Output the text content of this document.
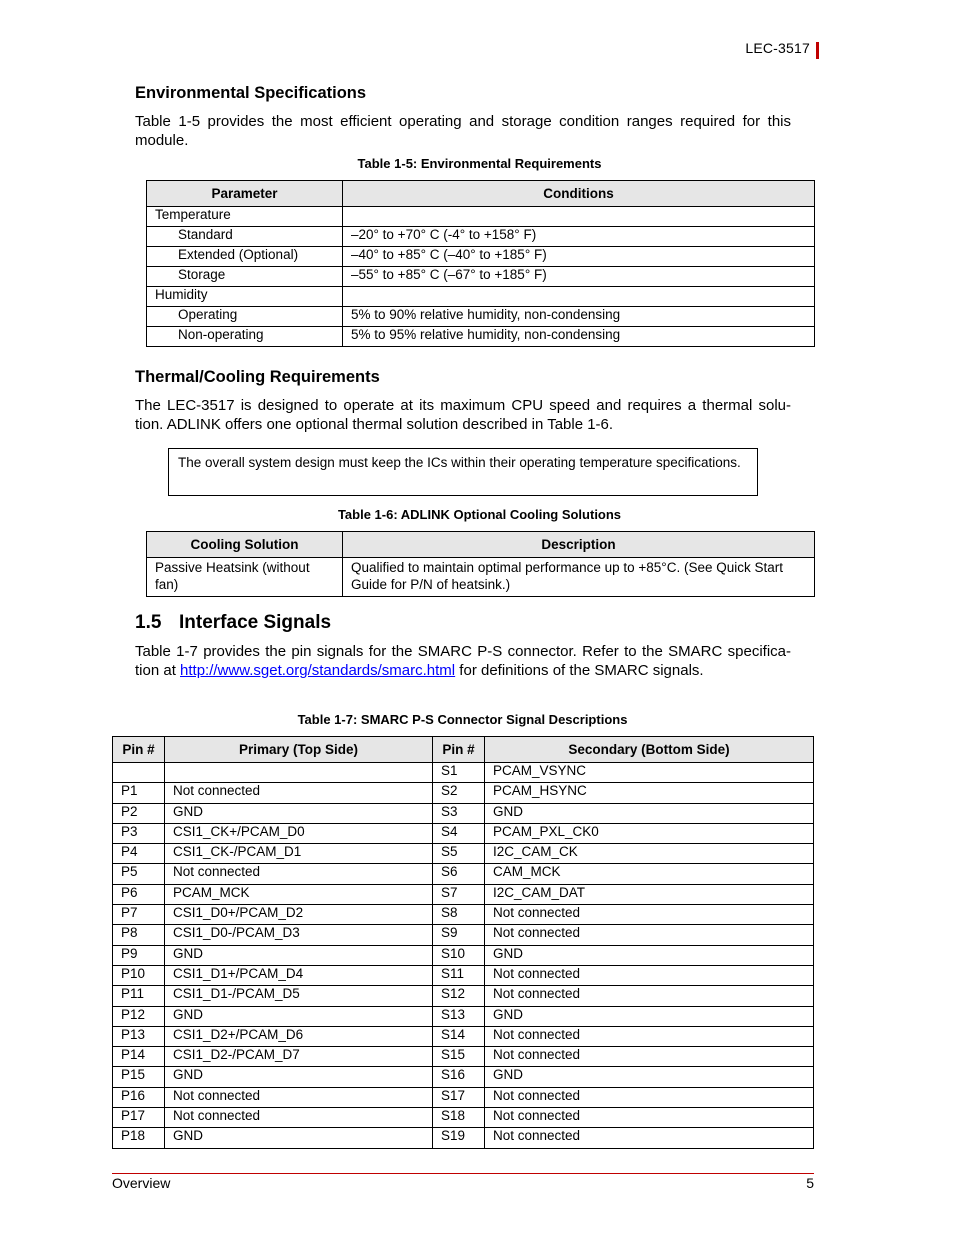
LEC-3517
Environmental Specifications

Table 1-5 provides the most efficient operating and storage condition ranges required for this module.

Table 1-5: Environmental Requirements
Parameter	Conditions
Temperature	
Standard	–20° to +70° C (-4° to +158° F)
Extended (Optional)	–40° to +85° C (–40° to +185° F)
Storage	–55° to +85° C (–67° to +185° F)
Humidity	
Operating	5% to 90% relative humidity, non-condensing
Non-operating	5% to 95% relative humidity, non-condensing
Thermal/Cooling Requirements

The LEC-3517 is designed to operate at its maximum CPU speed and requires a thermal solu- tion. ADLINK offers one optional thermal solution described in Table 1-6.

The overall system design must keep the ICs within their operating temperature specifications.
Table 1-6: ADLINK Optional Cooling Solutions
Cooling Solution	Description
Passive Heatsink (without fan)	Qualified to maintain optimal performance up to +85°C. (See Quick Start Guide for P/N of heatsink.)
1.5 Interface Signals

Table 1-7 provides the pin signals for the SMARC P-S connector. Refer to the SMARC specifica- tion at http://www.sget.org/standards/smarc.html for definitions of the SMARC signals.

Table 1-7: SMARC P-S Connector Signal Descriptions
Pin #	Primary (Top Side)	Pin #	Secondary (Bottom Side)
		S1	PCAM_VSYNC
P1	Not connected	S2	PCAM_HSYNC
P2	GND	S3	GND
P3	CSI1_CK+/PCAM_D0	S4	PCAM_PXL_CK0
P4	CSI1_CK-/PCAM_D1	S5	I2C_CAM_CK
P5	Not connected	S6	CAM_MCK
P6	PCAM_MCK	S7	I2C_CAM_DAT
P7	CSI1_D0+/PCAM_D2	S8	Not connected
P8	CSI1_D0-/PCAM_D3	S9	Not connected
P9	GND	S10	GND
P10	CSI1_D1+/PCAM_D4	S11	Not connected
P11	CSI1_D1-/PCAM_D5	S12	Not connected
P12	GND	S13	GND
P13	CSI1_D2+/PCAM_D6	S14	Not connected
P14	CSI1_D2-/PCAM_D7	S15	Not connected
P15	GND	S16	GND
P16	Not connected	S17	Not connected
P17	Not connected	S18	Not connected
P18	GND	S19	Not connected
Overview	5
